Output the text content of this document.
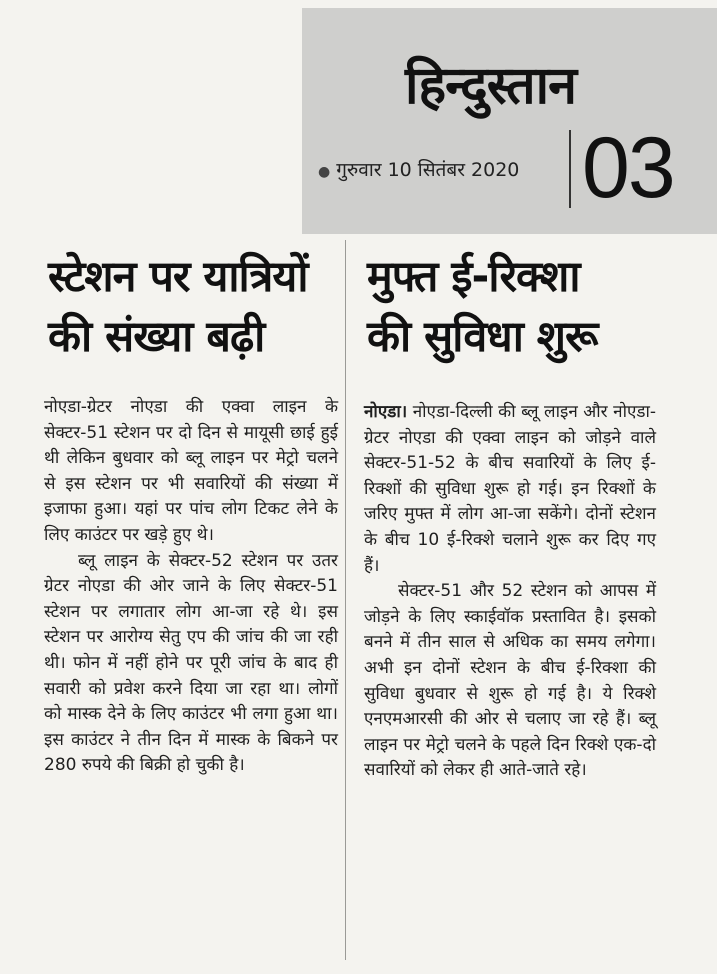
हिन्दुस्तान
● गुरुवार 10 सितंबर 2020 03
स्टेशन पर यात्रियों
की संख्या बढ़ी

नोएडा-ग्रेटर नोएडा की एक्वा लाइन के सेक्टर-51 स्टेशन पर दो दिन से मायूसी छाई हुई थी लेकिन बुधवार को ब्लू लाइन पर मेट्रो चलने से इस स्टेशन पर भी सवारियों की संख्या में इजाफा हुआ। यहां पर पांच लोग टिकट लेने के लिए काउंटर पर खड़े हुए थे।

ब्लू लाइन के सेक्टर-52 स्टेशन पर उतर ग्रेटर नोएडा की ओर जाने के लिए सेक्टर-51 स्टेशन पर लगातार लोग आ-जा रहे थे। इस स्टेशन पर आरोग्य सेतु एप की जांच की जा रही थी। फोन में नहीं होने पर पूरी जांच के बाद ही सवारी को प्रवेश करने दिया जा रहा था। लोगों को मास्क देने के लिए काउंटर भी लगा हुआ था। इस काउंटर ने तीन दिन में मास्क के बिकने पर 280 रुपये की बिक्री हो चुकी है।

मुफ्त ई-रिक्शा
की सुविधा शुरू

नोएडा। नोएडा-दिल्ली की ब्लू लाइन और नोएडा-ग्रेटर नोएडा की एक्वा लाइन को जोड़ने वाले सेक्टर-51-52 के बीच सवारियों के लिए ई-रिक्शों की सुविधा शुरू हो गई। इन रिक्शों के जरिए मुफ्त में लोग आ-जा सकेंगे। दोनों स्टेशन के बीच 10 ई-रिक्शे चलाने शुरू कर दिए गए हैं।

सेक्टर-51 और 52 स्टेशन को आपस में जोड़ने के लिए स्काईवॉक प्रस्तावित है। इसको बनने में तीन साल से अधिक का समय लगेगा। अभी इन दोनों स्टेशन के बीच ई-रिक्शा की सुविधा बुधवार से शुरू हो गई है। ये रिक्शे एनएमआरसी की ओर से चलाए जा रहे हैं। ब्लू लाइन पर मेट्रो चलने के पहले दिन रिक्शे एक-दो सवारियों को लेकर ही आते-जाते रहे।
